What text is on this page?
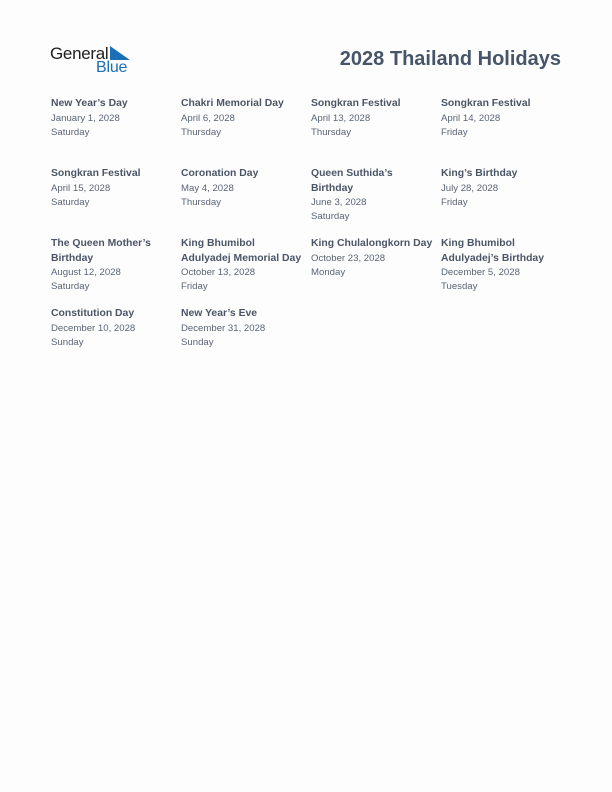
General
Blue	2028 Thailand Holidays
New Year’s Day
January 1, 2028
Saturday
Chakri Memorial Day
April 6, 2028
Thursday
Songkran Festival
April 13, 2028
Thursday
Songkran Festival
April 14, 2028
Friday
Songkran Festival
April 15, 2028
Saturday
Coronation Day
May 4, 2028
Thursday
Queen Suthida’s Birthday
June 3, 2028
Saturday
King’s Birthday
July 28, 2028
Friday
The Queen Mother’s Birthday
August 12, 2028
Saturday
King Bhumibol Adulyadej Memorial Day
October 13, 2028
Friday
King Chulalongkorn Day
October 23, 2028
Monday
King Bhumibol Adulyadej’s Birthday
December 5, 2028
Tuesday
Constitution Day
December 10, 2028
Sunday
New Year’s Eve
December 31, 2028
Sunday
